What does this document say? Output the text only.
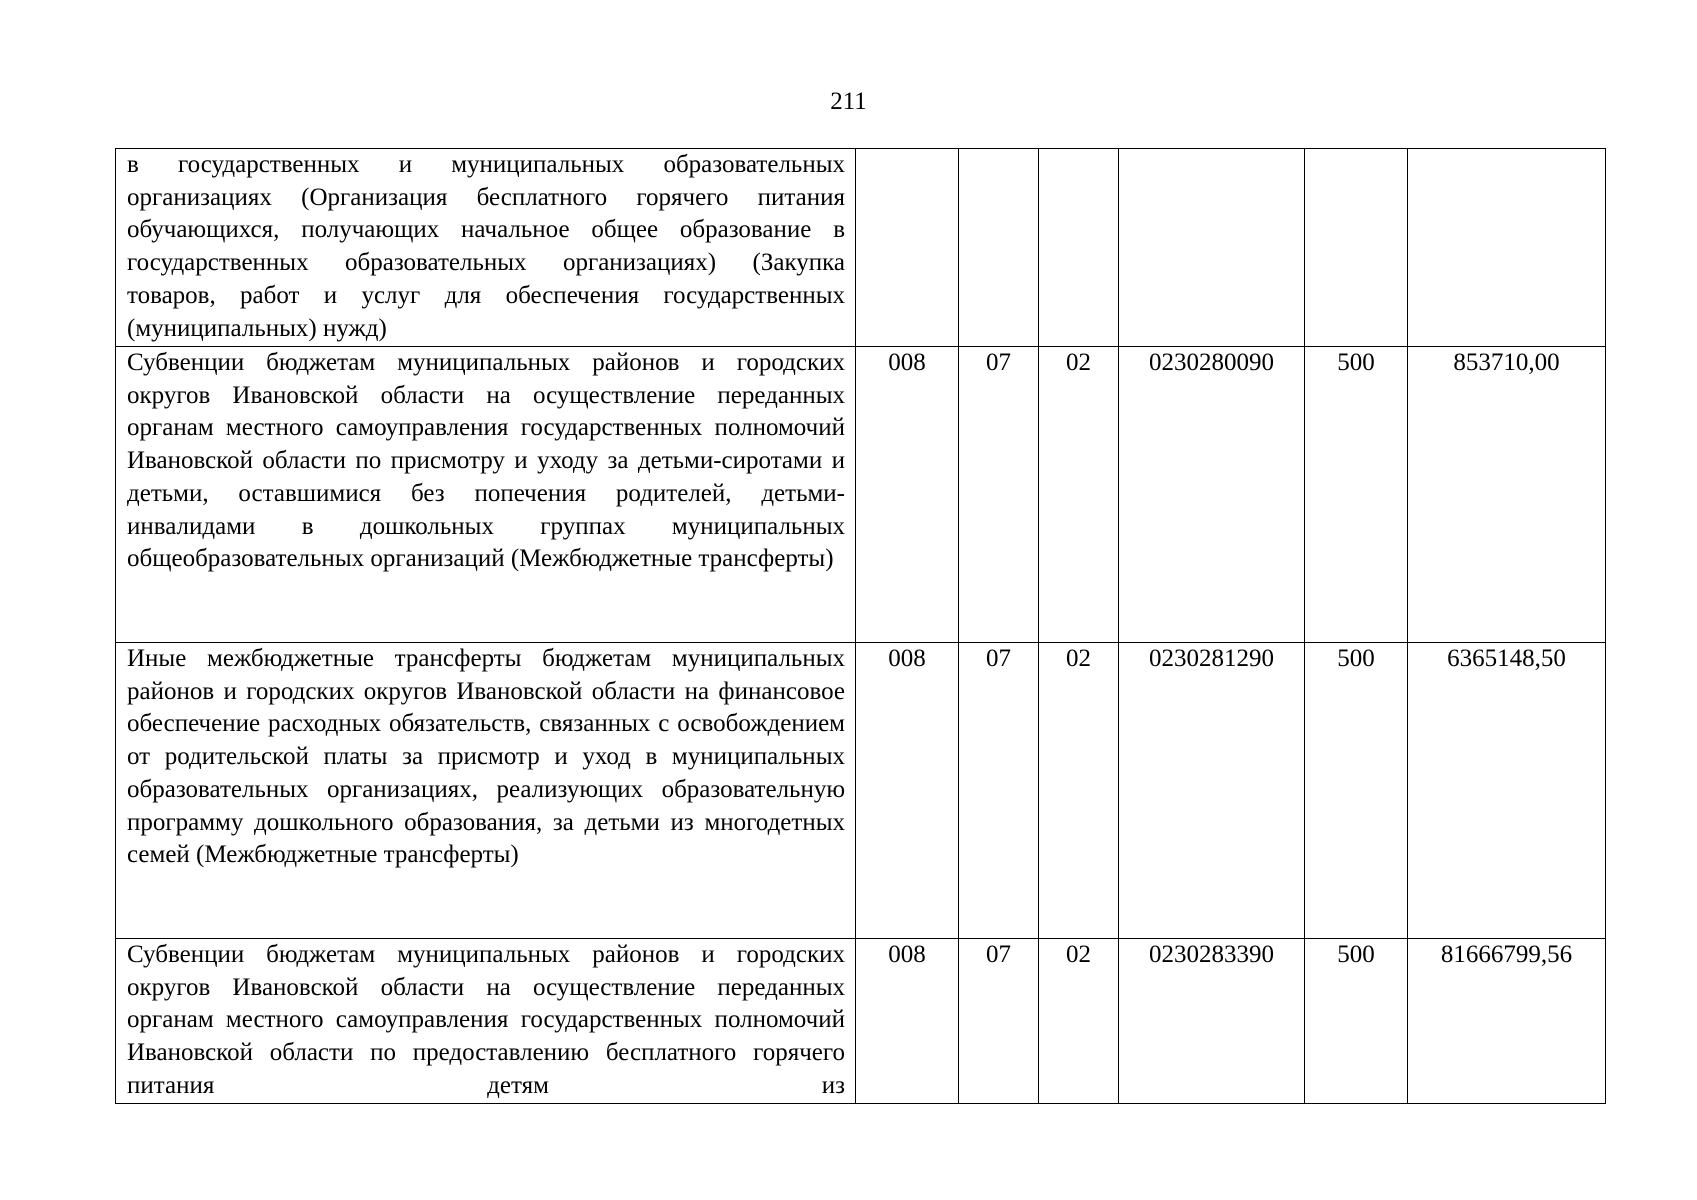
211
в государственных и муниципальных образовательных организациях (Организация бесплатного горячего питания обучающихся, получающих начальное общее образование в государственных образовательных организациях) (Закупка товаров, работ и услуг для обеспечения государственных (муниципальных) нужд)						
Субвенции бюджетам муниципальных районов и городских округов Ивановской области на осуществление переданных органам местного самоуправления государственных полномочий Ивановской области по присмотру и уходу за детьми-сиротами и детьми, оставшимися без попечения родителей, детьми-инвалидами в дошкольных группах муниципальных общеобразовательных организаций (Межбюджетные трансферты)	008	07	02	0230280090	500	853710,00
Иные межбюджетные трансферты бюджетам муниципальных районов и городских округов Ивановской области на финансовое обеспечение расходных обязательств, связанных с освобождением от родительской платы за присмотр и уход в муниципальных образовательных организациях, реализующих образовательную программу дошкольного образования, за детьми из многодетных семей (Межбюджетные трансферты)	008	07	02	0230281290	500	6365148,50
Субвенции бюджетам муниципальных районов и городских округов Ивановской области на осуществление переданных органам местного самоуправления государственных полномочий Ивановской области по предоставлению бесплатного горячего питания детям из	008	07	02	0230283390	500	81666799,56
